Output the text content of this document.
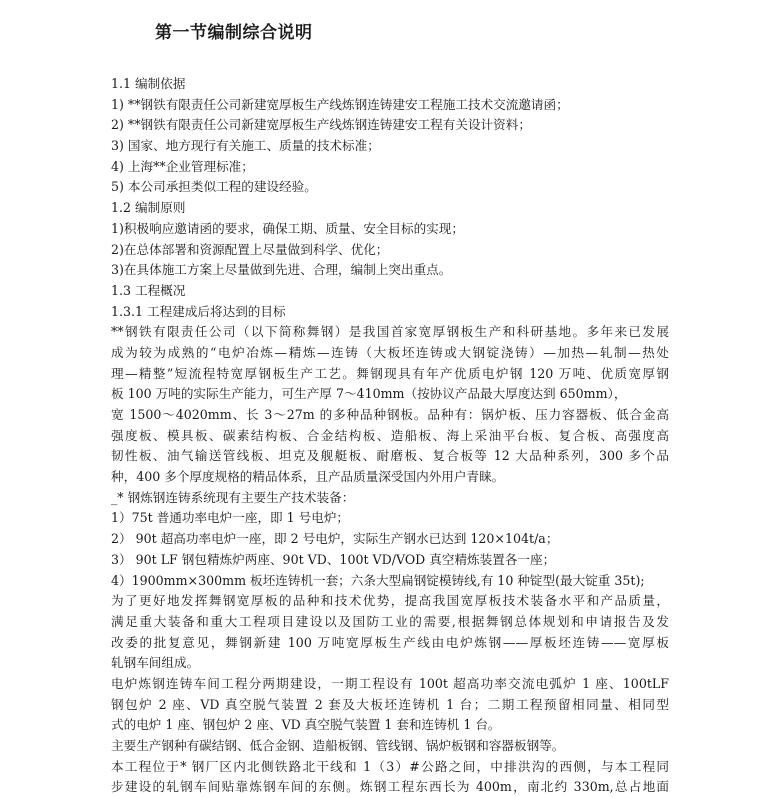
第一节编制综合说明
1.1 编制依据
1) **钢铁有限责任公司新建宽厚板生产线炼钢连铸建安工程施工技术交流邀请函；
2) **钢铁有限责任公司新建宽厚板生产线炼钢连铸建安工程有关设计资料；
3) 国家、地方现行有关施工、质量的技术标准；
4) 上海**企业管理标准；
5) 本公司承担类似工程的建设经验。
1.2 编制原则
1)积极响应邀请函的要求，确保工期、质量、安全目标的实现；
2)在总体部署和资源配置上尽量做到科学、优化；
3)在具体施工方案上尽量做到先进、合理，编制上突出重点。
1.3 工程概况
1.3.1 工程建成后将达到的目标
**钢铁有限责任公司（以下简称舞钢）是我国首家宽厚钢板生产和科研基地。多年来已发展
成为较为成熟的“电炉冶炼—精炼—连铸（大板坯连铸或大钢锭浇铸）—加热—轧制—热处
理—精整”短流程特宽厚钢板生产工艺。舞钢现具有年产优质电炉钢 120 万吨、优质宽厚钢
板 100 万吨的实际生产能力，可生产厚 7～410mm（按协议产品最大厚度达到 650mm），
宽 1500～4020mm、长 3～27m 的多种品种钢板。品种有：锅炉板、压力容器板、低合金高
强度板、模具板、碳素结构板、合金结构板、造船板、海上采油平台板、复合板、高强度高
韧性板、油气输送管线板、坦克及舰艇板、耐磨板、复合板等 12 大品种系列，300 多个品
种，400 多个厚度规格的精品体系，且产品质量深受国内外用户青睐。
_* 钢炼钢连铸系统现有主要生产技术装备：
1）75t 普通功率电炉一座，即 1 号电炉；
2） 90t 超高功率电炉一座，即 2 号电炉，实际生产钢水已达到 120×104t/a；
3） 90t LF 钢包精炼炉两座、90t VD、100t VD/VOD 真空精炼装置各一座；
4）1900mm×300mm 板坯连铸机一套；六条大型扁钢锭模铸线,有 10 种锭型(最大锭重 35t);
为了更好地发挥舞钢宽厚板的品种和技术优势，提高我国宽厚板技术装备水平和产品质量，
满足重大装备和重大工程项目建设以及国防工业的需要,根据舞钢总体规划和申请报告及发
改委的批复意见，舞钢新建 100 万吨宽厚板生产线由电炉炼钢——厚板坯连铸——宽厚板
轧钢车间组成。
电炉炼钢连铸车间工程分两期建设，一期工程设有 100t 超高功率交流电弧炉 1 座、100tLF
钢包炉 2 座、VD 真空脱气装置 2 套及大板坯连铸机 1 台；二期工程预留相同量、相同型
式的电炉 1 座、钢包炉 2 座、VD 真空脱气装置 1 套和连铸机 1 台。
主要生产钢种有碳结钢、低合金钢、造船板钢、管线钢、锅炉板钢和容器板钢等。
本工程位于* 钢厂区内北侧铁路北干线和 1（3）#公路之间，中排洪沟的西侧，与本工程同
步建设的轧钢车间贴靠炼钢车间的东侧。炼钢工程东西长为 400m，南北约 330m,总占地面
